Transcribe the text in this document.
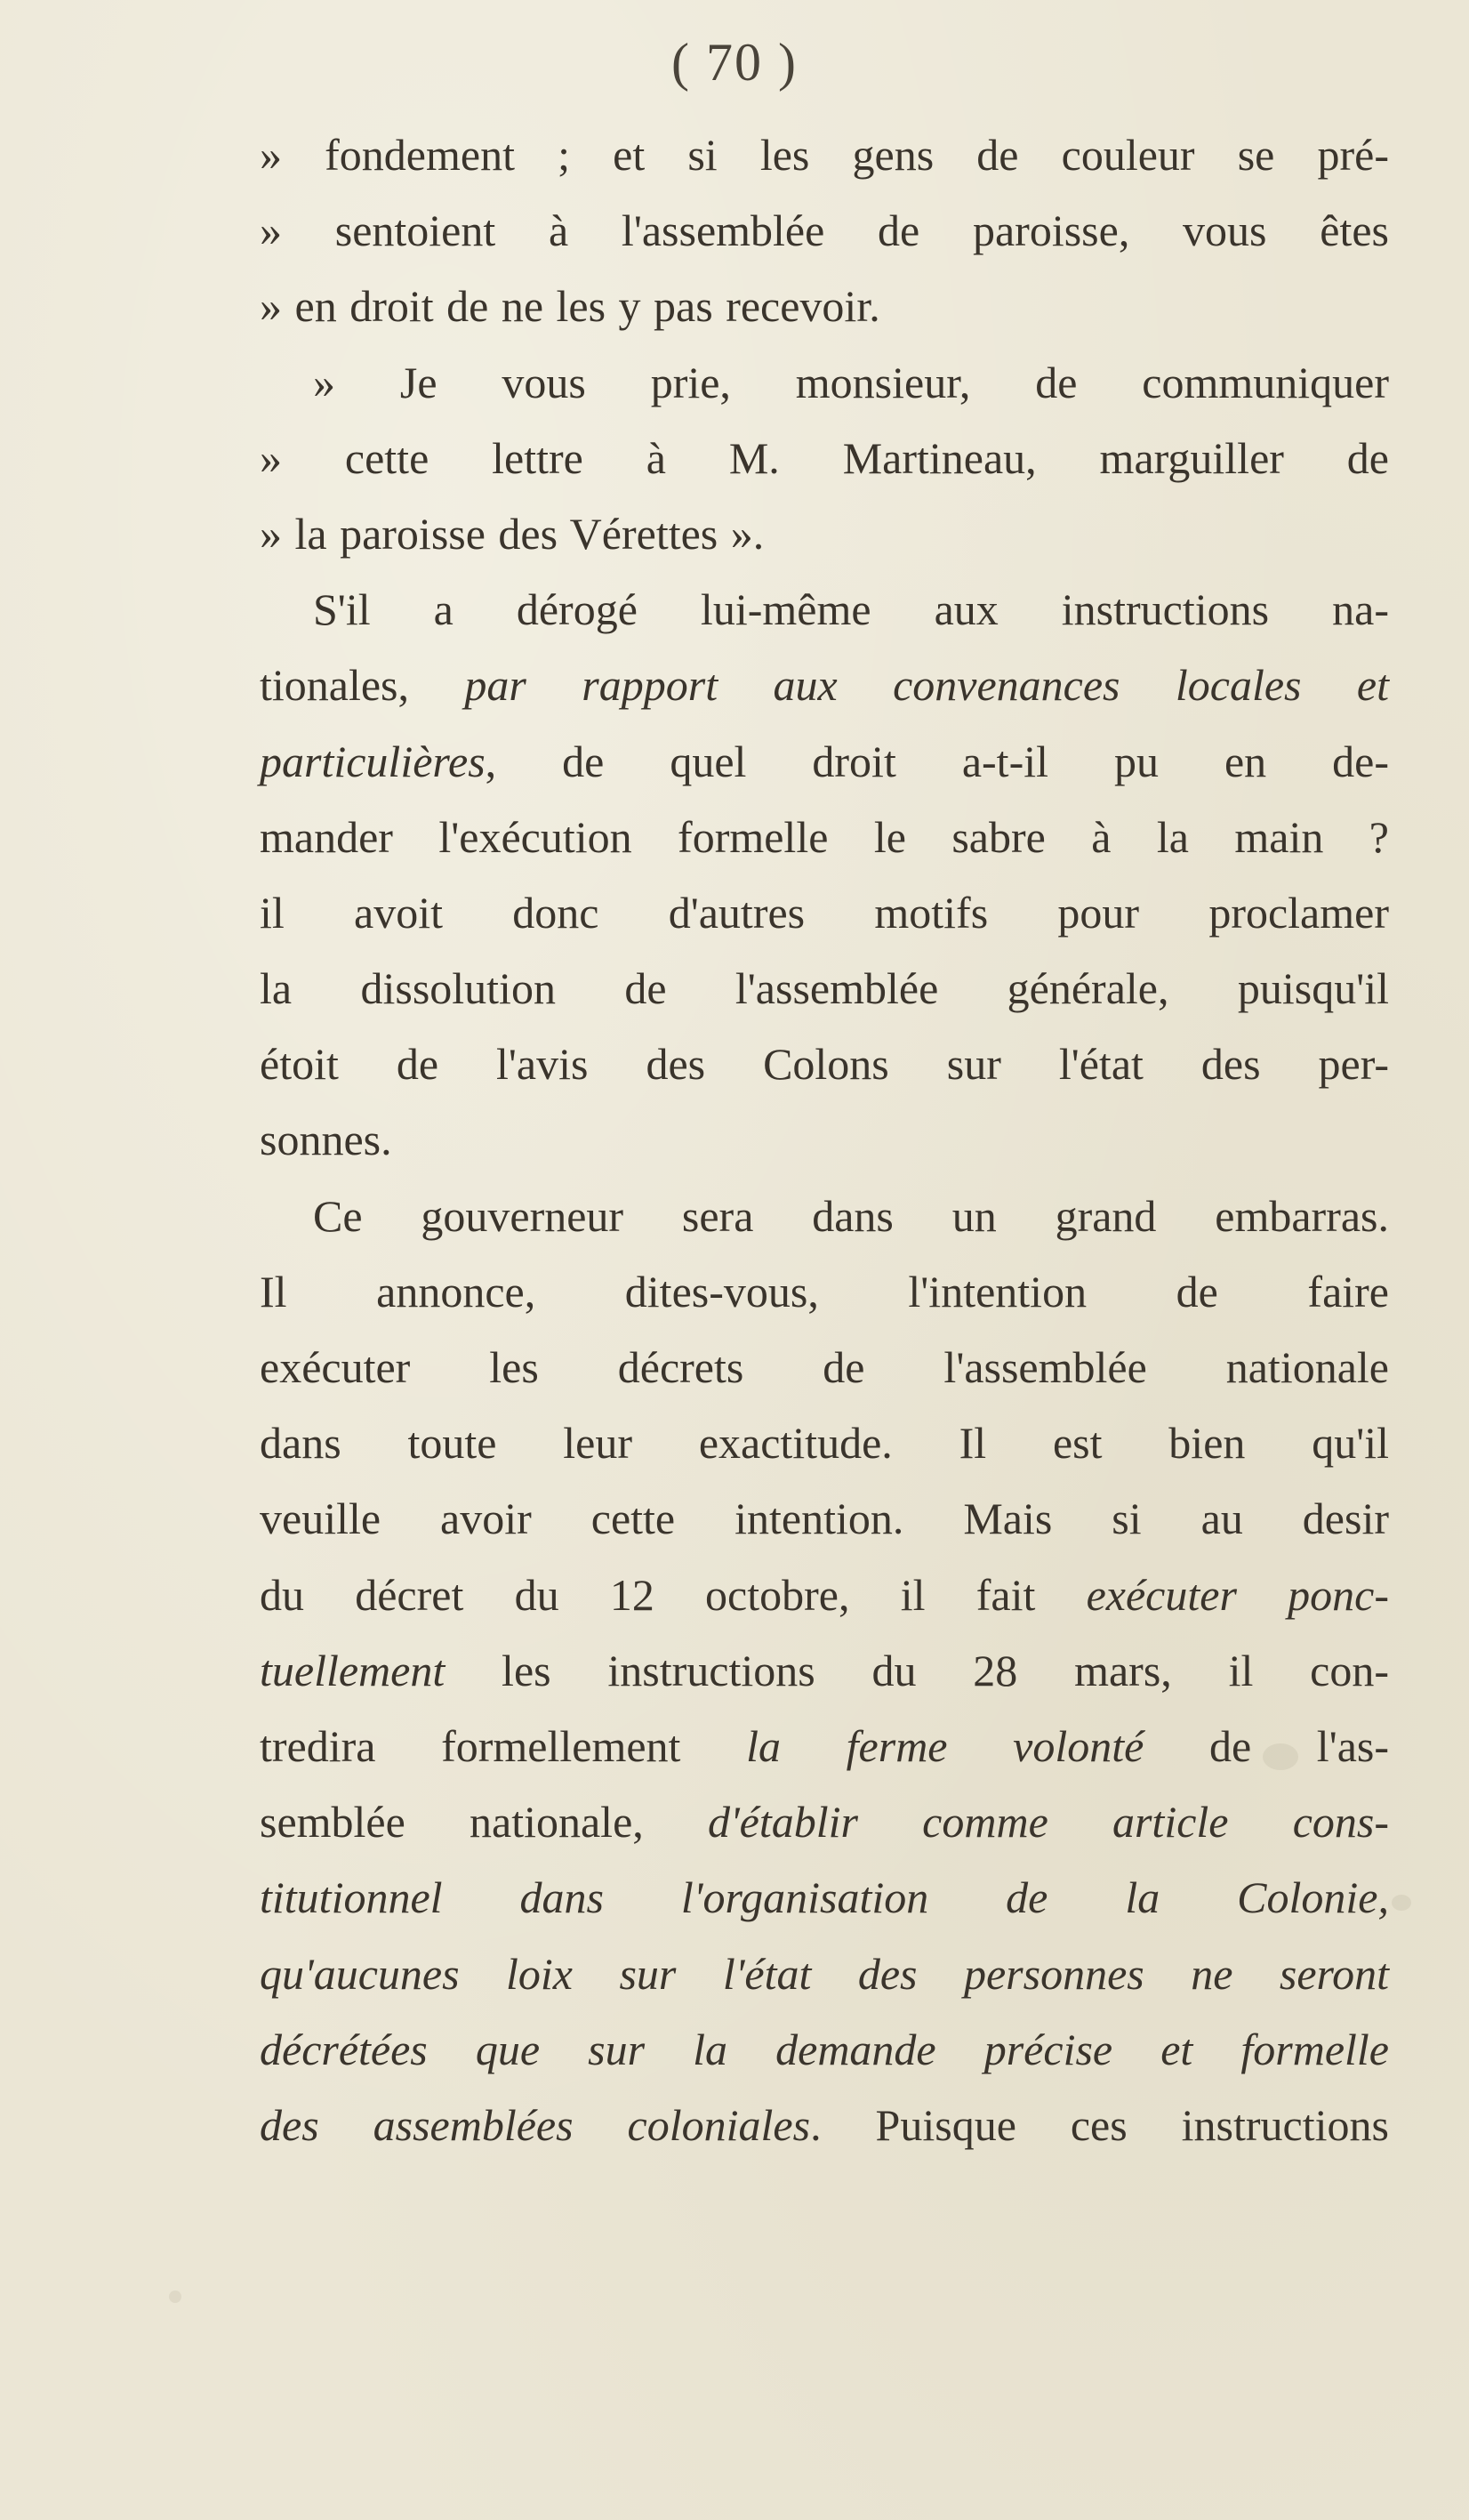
( 70 )
» fondement ; et si les gens de couleur se pré-
» sentoient à l'assemblée de paroisse, vous êtes
» en droit de ne les y pas recevoir.
» Je vous prie, monsieur, de communiquer
» cette lettre à M. Martineau, marguiller de
» la paroisse des Vérettes ».
S'il a dérogé lui-même aux instructions na-
tionales, par rapport aux convenances locales et
particulières, de quel droit a-t-il pu en de-
mander l'exécution formelle le sabre à la main ?
il avoit donc d'autres motifs pour proclamer
la dissolution de l'assemblée générale, puisqu'il
étoit de l'avis des Colons sur l'état des per-
sonnes.
Ce gouverneur sera dans un grand embarras.
Il annonce, dites-vous, l'intention de faire
exécuter les décrets de l'assemblée nationale
dans toute leur exactitude. Il est bien qu'il
veuille avoir cette intention. Mais si au desir
du décret du 12 octobre, il fait exécuter ponc-
tuellement les instructions du 28 mars, il con-
tredira formellement la ferme volonté de l'as-
semblée nationale, d'établir comme article cons-
titutionnel dans l'organisation de la Colonie,
qu'aucunes loix sur l'état des personnes ne seront
décrétées que sur la demande précise et formelle
des assemblées coloniales. Puisque ces instructions
